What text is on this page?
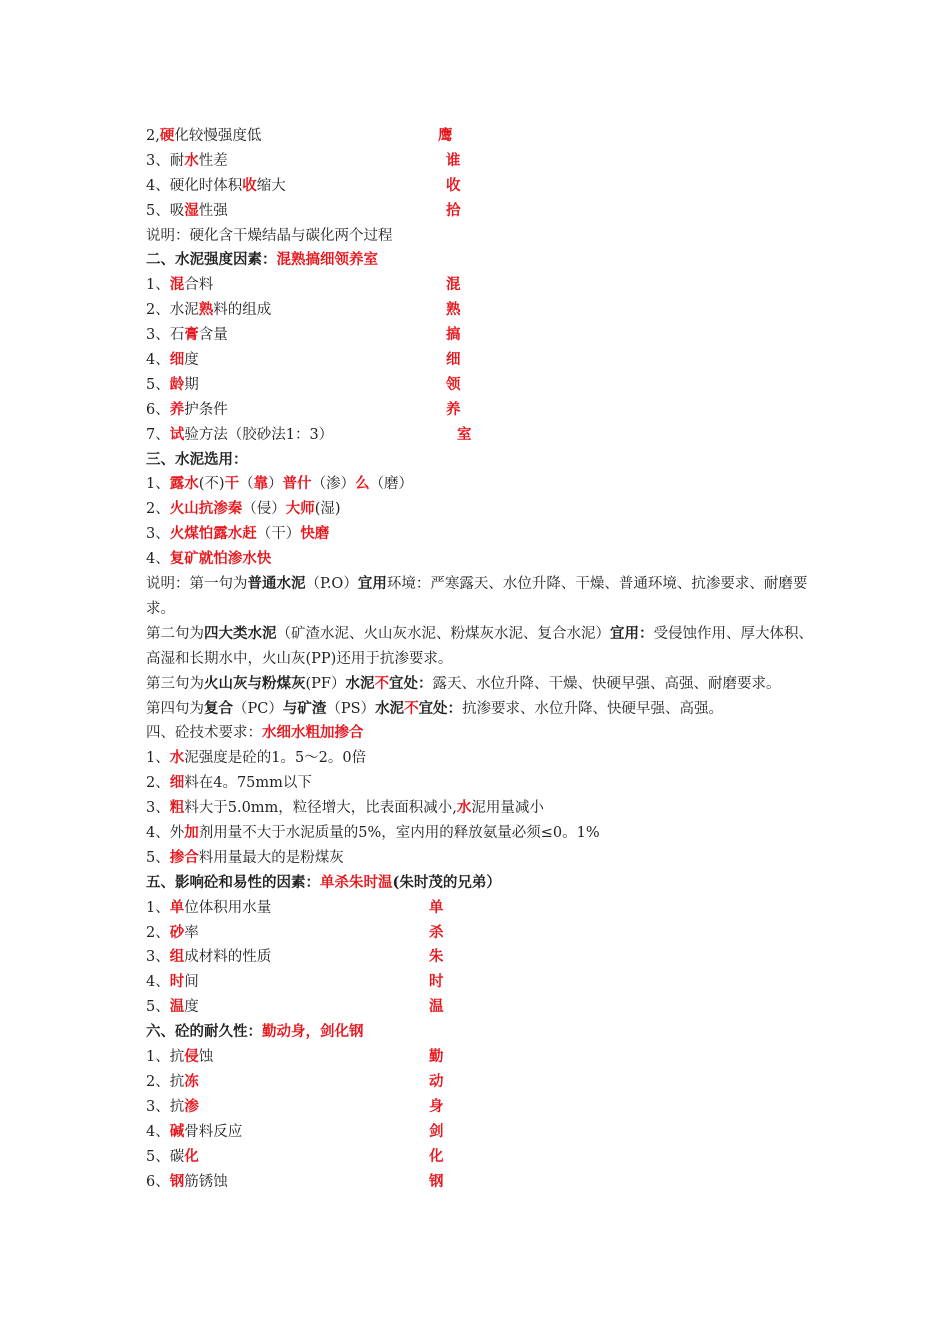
2,硬化较慢强度低	鹰
3、耐水性差	谁
4、硬化时体积收缩大	收
5、吸湿性强	拾
说明：硬化含干燥结晶与碳化两个过程
二、水泥强度因素：混熟搞细领养室
1、混合料	混
2、水泥熟料的组成	熟
3、石膏含量	搞
4、细度	细
5、龄期	领
6、养护条件	养
7、试验方法（胶砂法1：3）	室
三、水泥选用：
1、露水(不)干（靠）普什（渗）么（磨）
2、火山抗渗秦（侵）大师(湿)
3、火煤怕露水赶（干）快磨
4、复矿就怕渗水快
说明：第一句为普通水泥（P.O）宜用环境：严寒露天、水位升降、干燥、普通环境、抗渗要求、耐磨要求。
第二句为四大类水泥（矿渣水泥、火山灰水泥、粉煤灰水泥、复合水泥）宜用：受侵蚀作用、厚大体积、高湿和长期水中，火山灰(PP)还用于抗渗要求。
第三句为火山灰与粉煤灰(PF）水泥不宜处：露天、水位升降、干燥、快硬早强、高强、耐磨要求。
第四句为复合（PC）与矿渣（PS）水泥不宜处：抗渗要求、水位升降、快硬早强、高强。
四、砼技术要求：水细水粗加掺合
1、水泥强度是砼的1。5～2。0倍
2、细料在4。75mm以下
3、粗料大于5.0mm，粒径增大，比表面积减小,水泥用量减小
4、外加剂用量不大于水泥质量的5%，室内用的释放氨量必须≤0。1%
5、掺合料用量最大的是粉煤灰
五、影响砼和易性的因素：单杀朱时温(朱时茂的兄弟）
1、单位体积用水量	单
2、砂率	杀
3、组成材料的性质	朱
4、时间	时
5、温度	温
六、砼的耐久性：勤动身，剑化钢
1、抗侵蚀	勤
2、抗冻	动
3、抗渗	身
4、碱骨料反应	剑
5、碳化	化
6、钢筋锈蚀	钢
